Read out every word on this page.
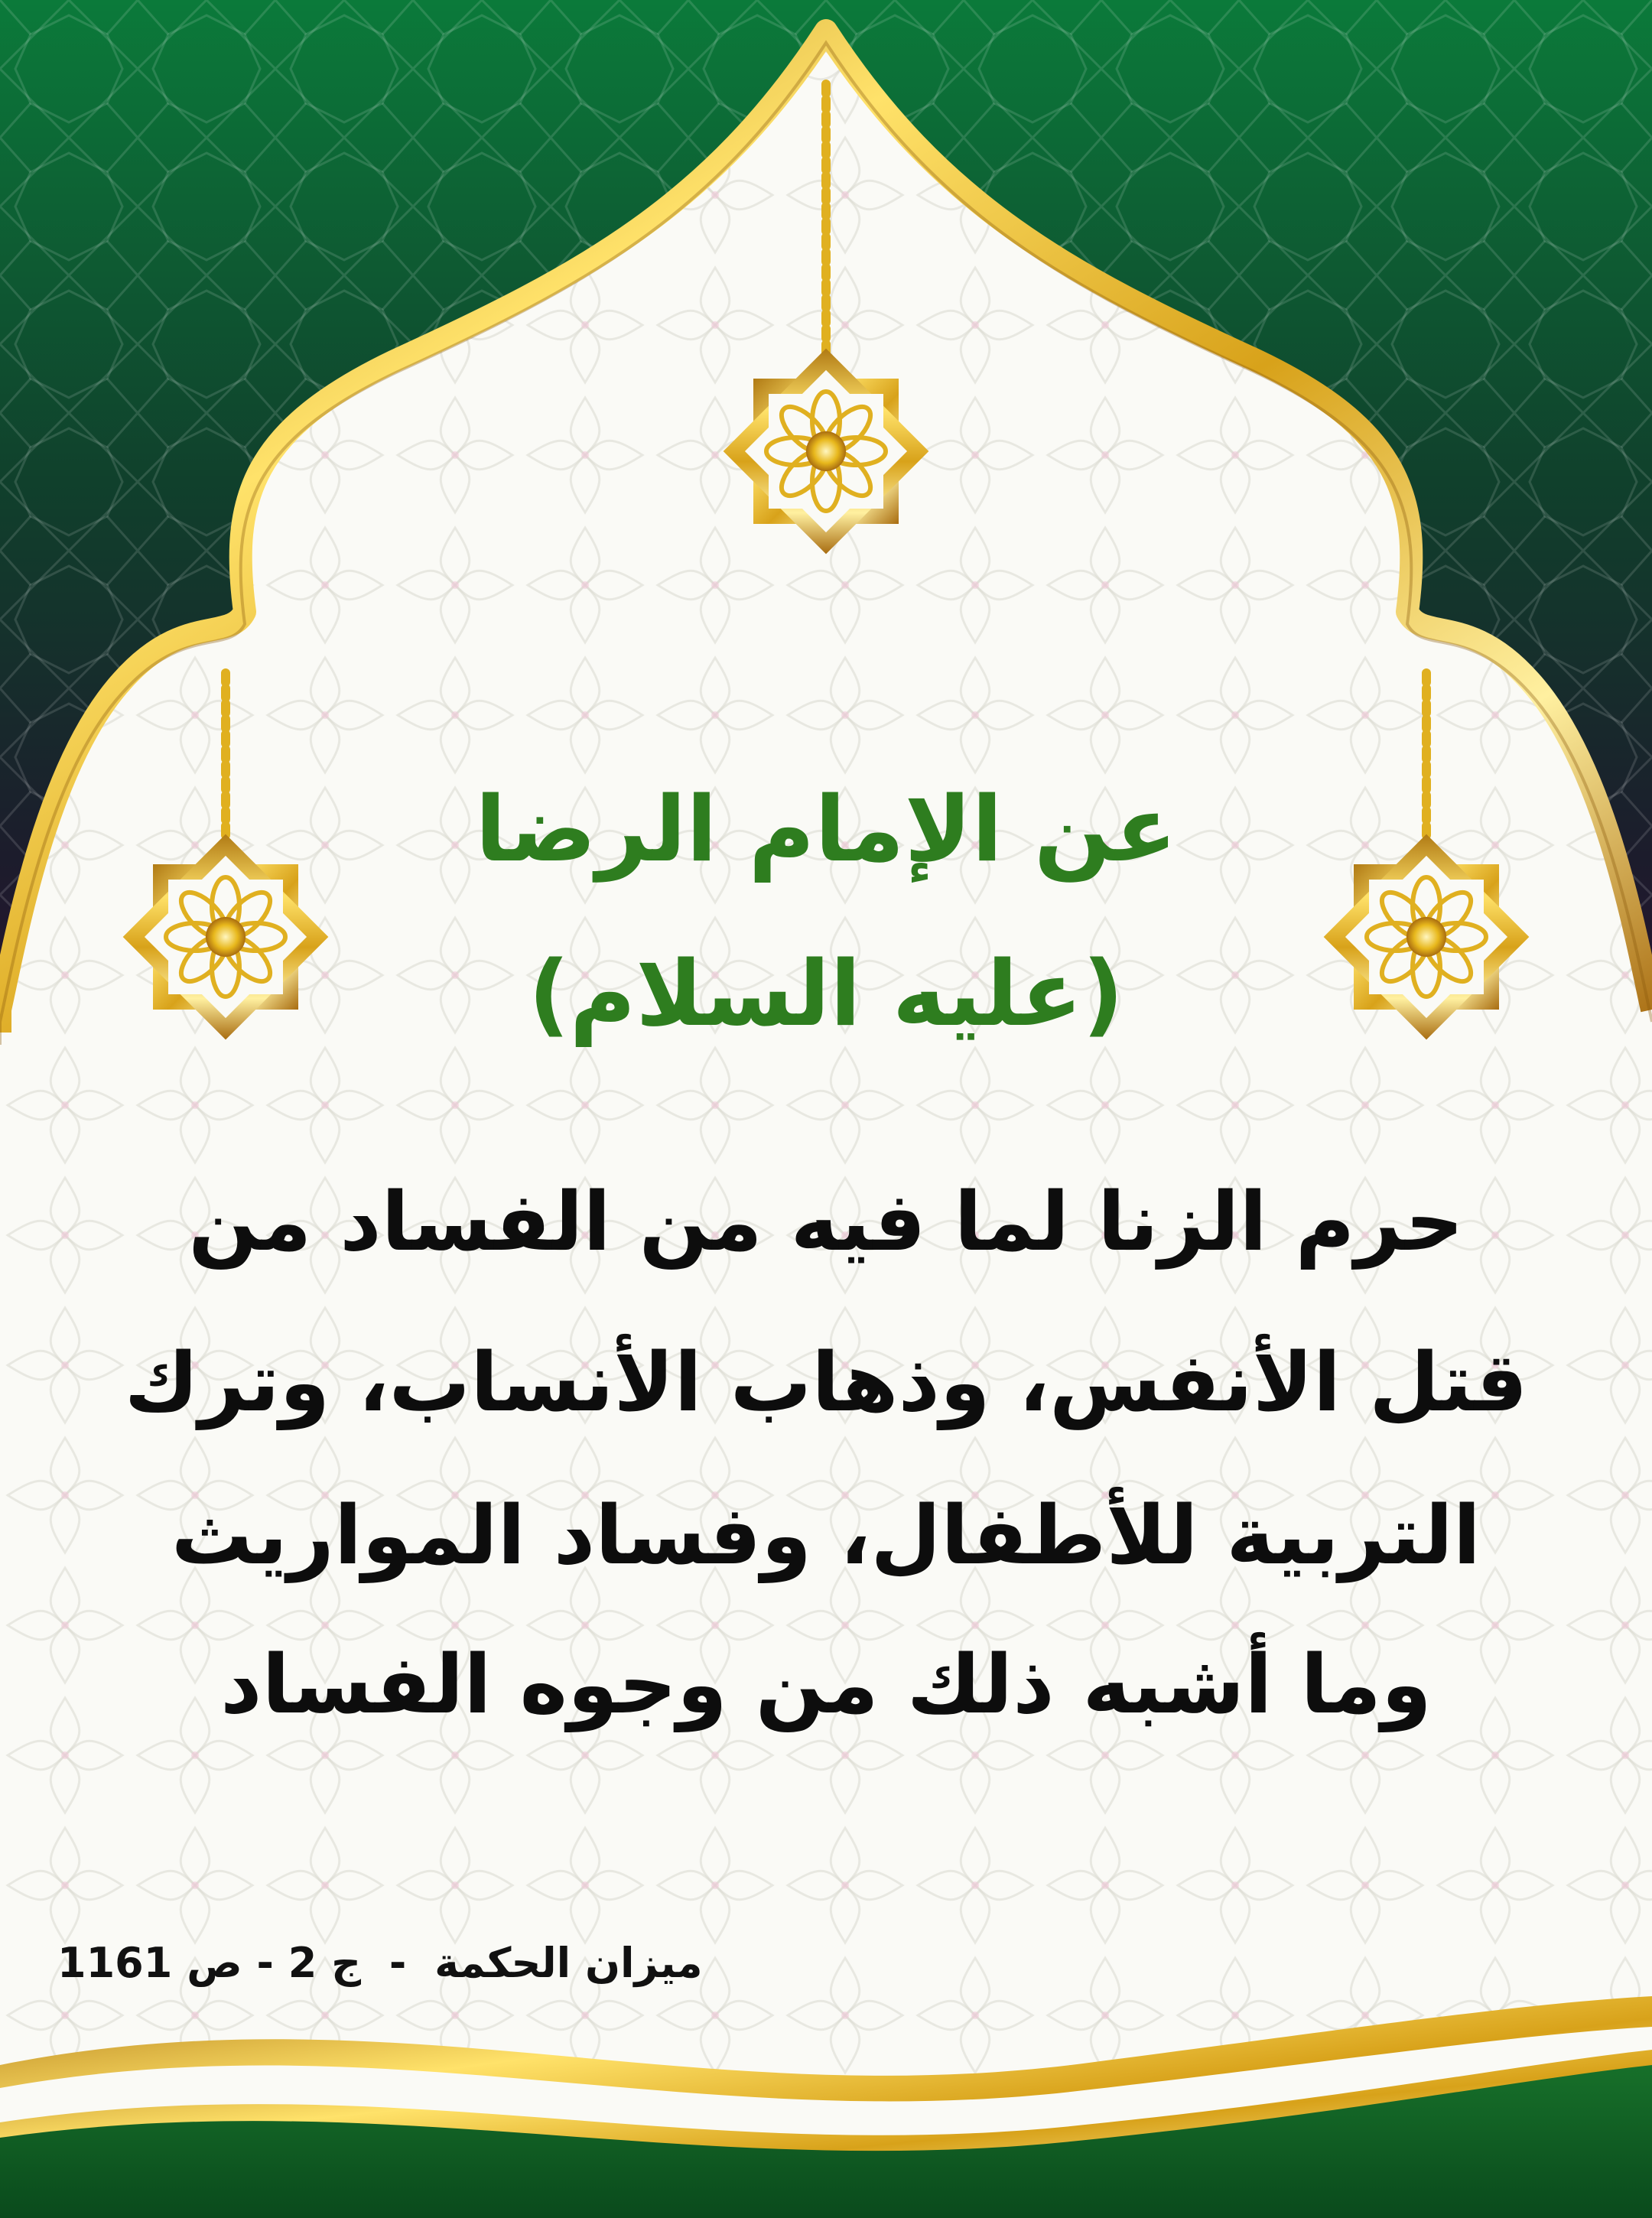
عن الإمام الرضا
(عليه السلام)
حرم الزنا لما فيه من الفساد من
قتل الأنفس، وذهاب الأنساب، وترك
التربية للأطفال، وفساد المواريث
وما أشبه ذلك من وجوه الفساد
ج 2 - ص 1161 - ميزان الحكمة
